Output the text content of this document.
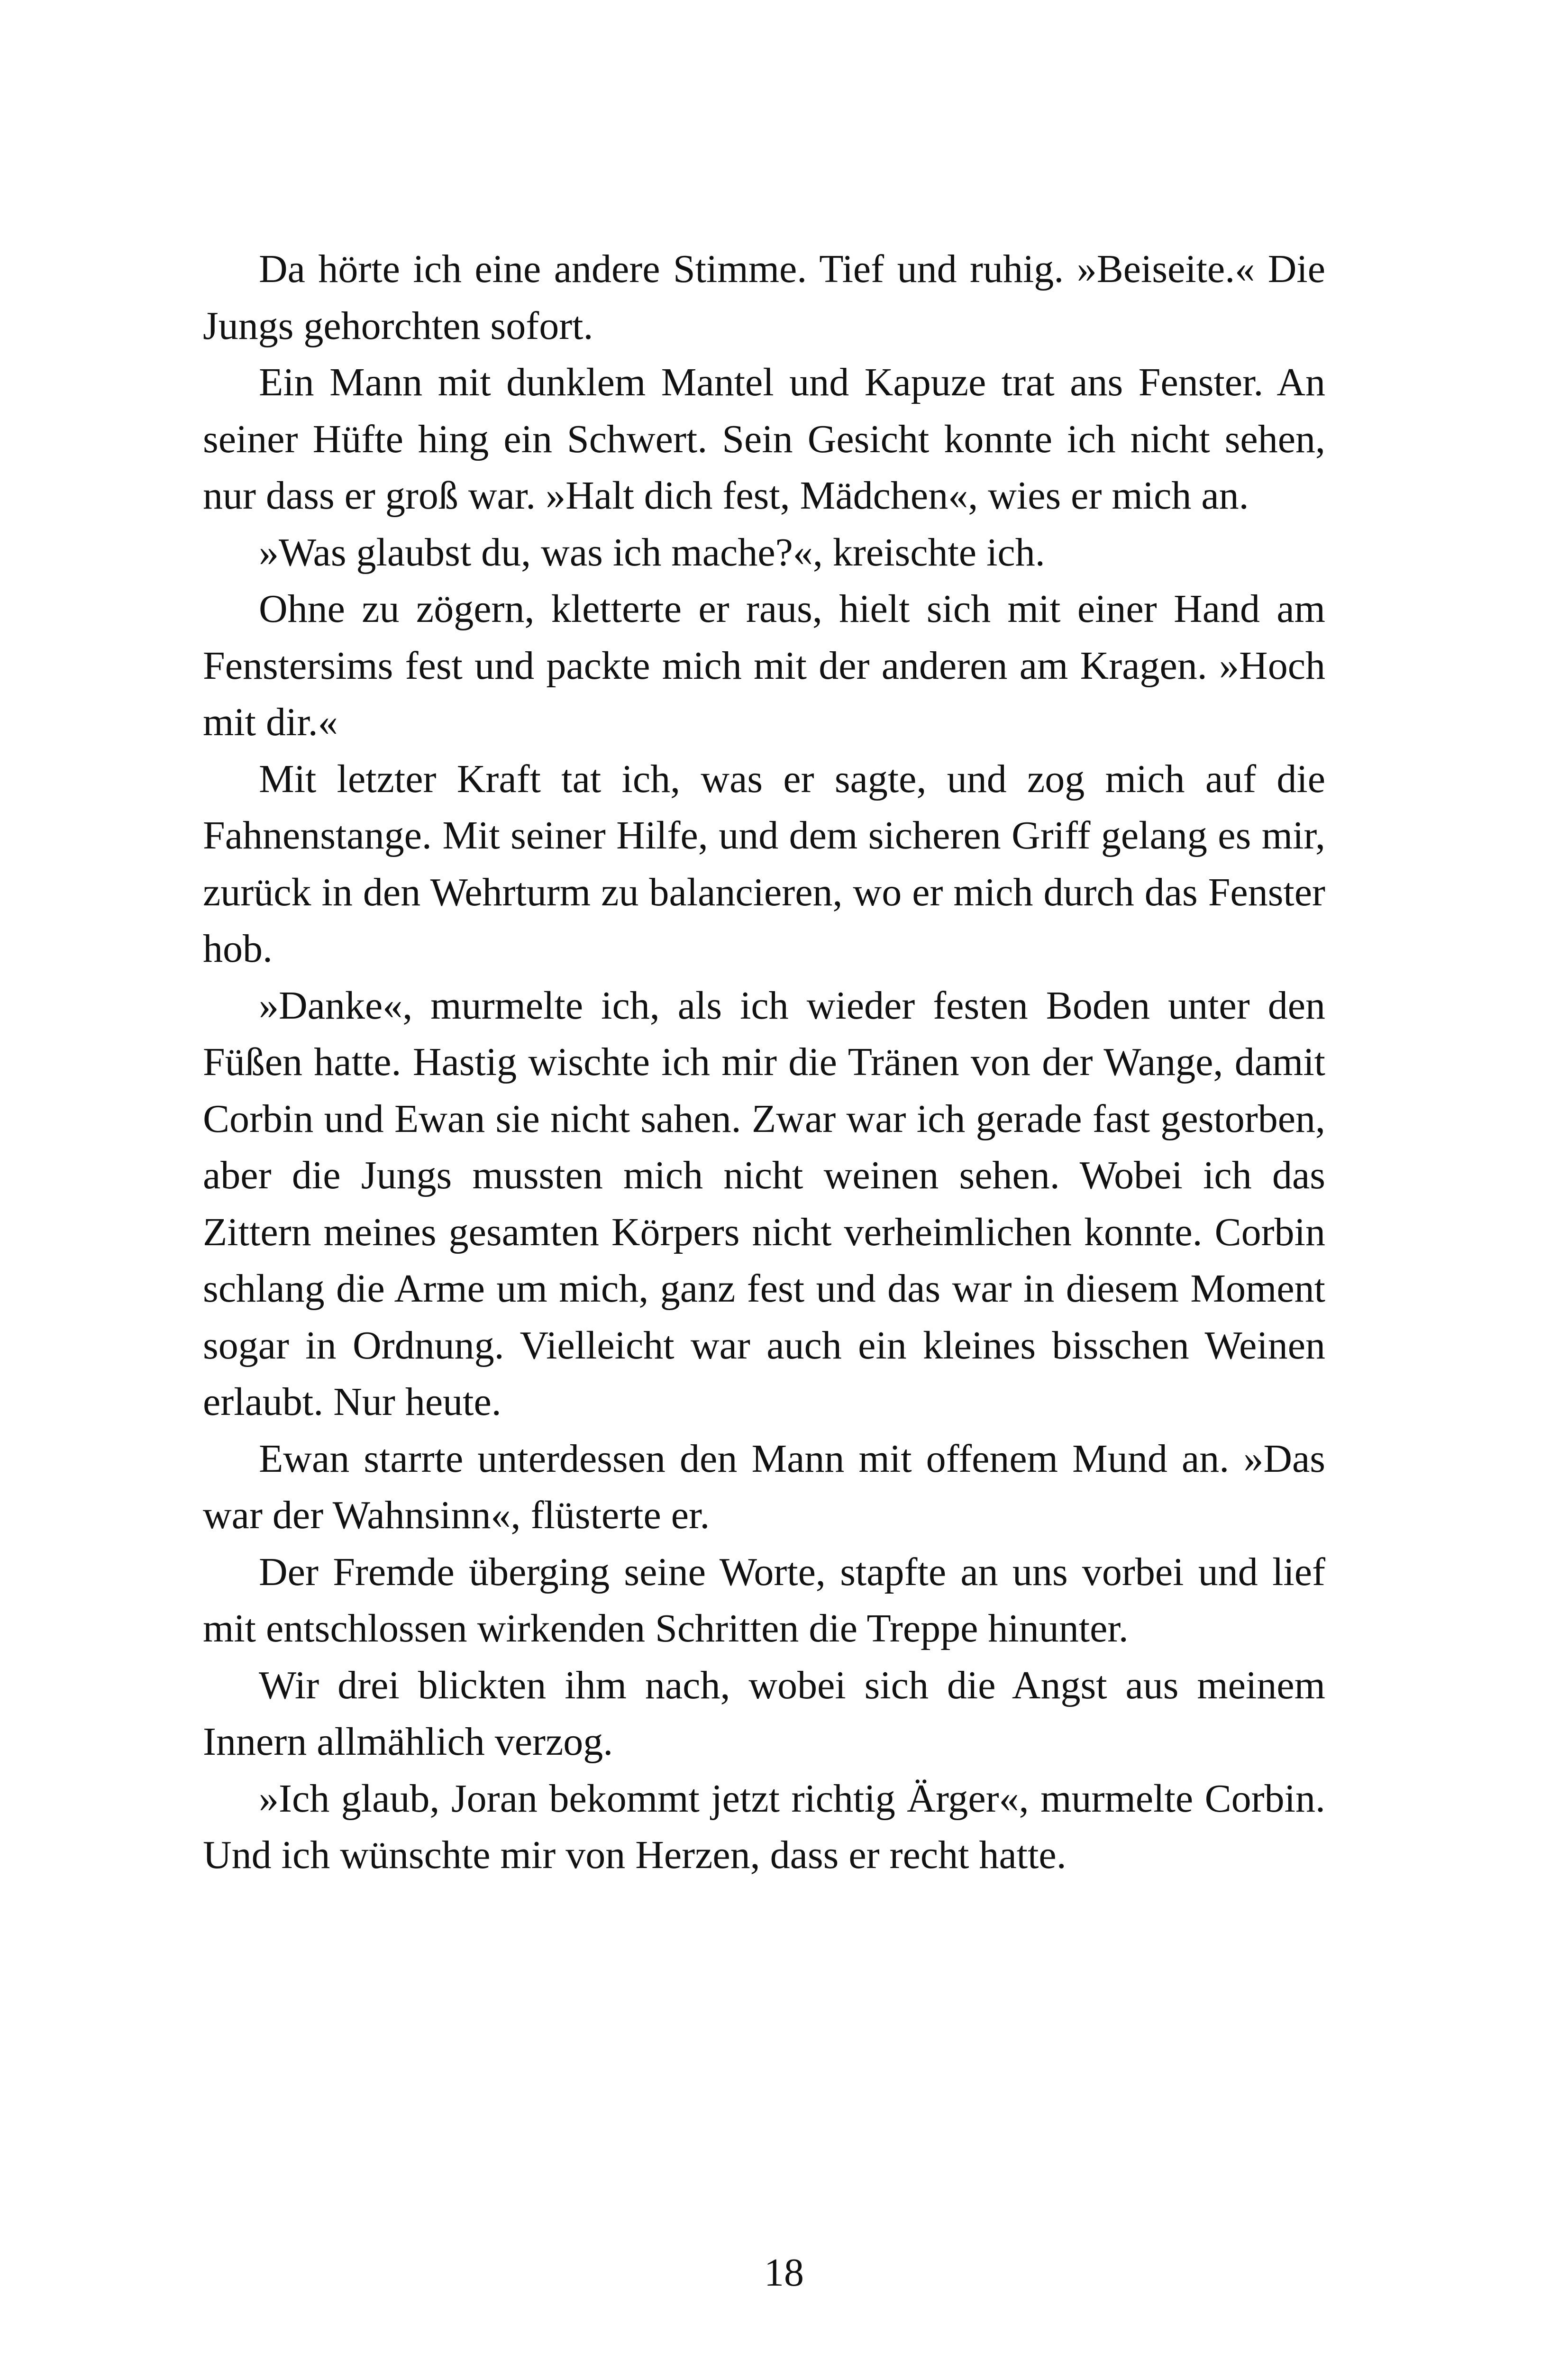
Da hörte ich eine andere Stimme. Tief und ruhig. »Beiseite.« Die Jungs gehorchten sofort.

Ein Mann mit dunklem Mantel und Kapuze trat ans Fenster. An seiner Hüfte hing ein Schwert. Sein Gesicht konnte ich nicht sehen, nur dass er groß war. »Halt dich fest, Mädchen«, wies er mich an.

»Was glaubst du, was ich mache?«, kreischte ich.

Ohne zu zögern, kletterte er raus, hielt sich mit einer Hand am Fenstersims fest und packte mich mit der anderen am Kragen. »Hoch mit dir.«

Mit letzter Kraft tat ich, was er sagte, und zog mich auf die Fahnenstange. Mit seiner Hilfe, und dem sicheren Griff gelang es mir, zurück in den Wehrturm zu balancieren, wo er mich durch das Fenster hob.

»Danke«, murmelte ich, als ich wieder festen Boden unter den Füßen hatte. Hastig wischte ich mir die Tränen von der Wange, damit Corbin und Ewan sie nicht sahen. Zwar war ich gerade fast gestorben, aber die Jungs mussten mich nicht weinen sehen. Wobei ich das Zittern meines gesamten Körpers nicht verheimlichen konnte. Corbin schlang die Arme um mich, ganz fest und das war in diesem Moment sogar in Ordnung. Vielleicht war auch ein kleines bisschen Weinen erlaubt. Nur heute.

Ewan starrte unterdessen den Mann mit offenem Mund an. »Das war der Wahnsinn«, flüsterte er.

Der Fremde überging seine Worte, stapfte an uns vorbei und lief mit entschlossen wirkenden Schritten die Treppe hinunter.

Wir drei blickten ihm nach, wobei sich die Angst aus meinem Innern allmählich verzog.

»Ich glaub, Joran bekommt jetzt richtig Ärger«, murmelte Corbin. Und ich wünschte mir von Herzen, dass er recht hatte.

18
